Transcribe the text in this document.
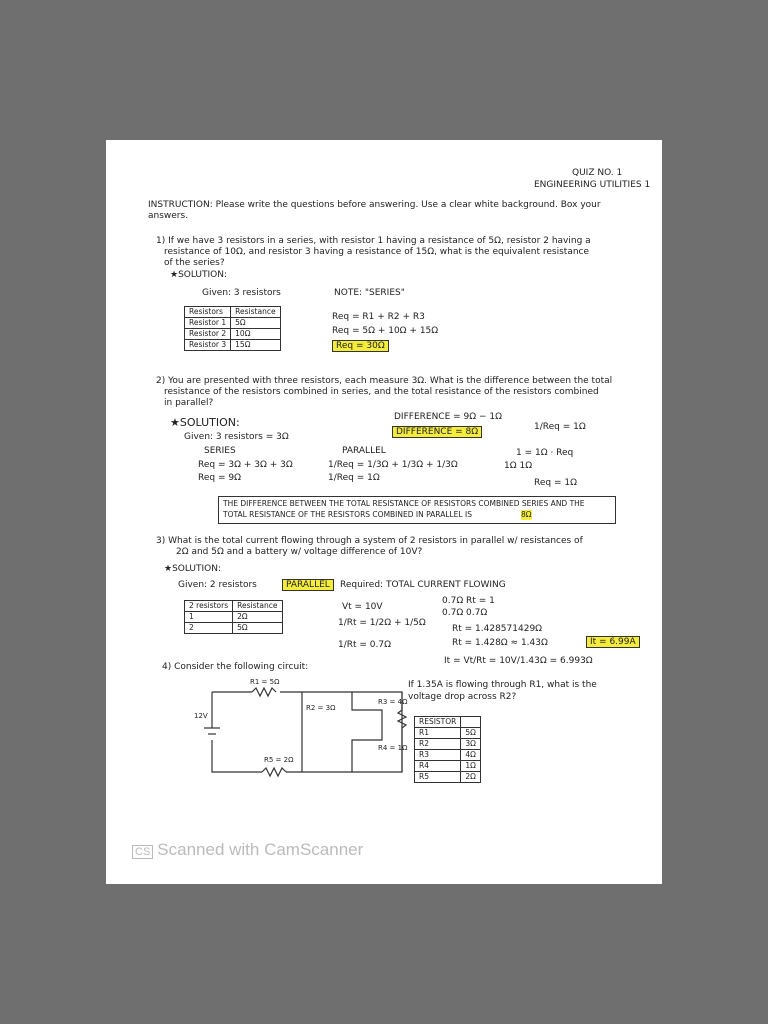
QUIZ NO. 1
ENGINEERING UTILITIES 1
INSTRUCTION: Please write the questions before answering. Use a clear white background. Box your
answers.
1) If we have 3 resistors in a series, with resistor 1 having a resistance of 5Ω, resistor 2 having a
resistance of 10Ω, and resistor 3 having a resistance of 15Ω, what is the equivalent resistance
of the series?
★SOLUTION:
Given: 3 resistors	NOTE: "SERIES"
Resistors	Resistance
Resistor 1	5Ω
Resistor 2	10Ω
Resistor 3	15Ω
Req = R1 + R2 + R3
Req = 5Ω + 10Ω + 15Ω
Req = 30Ω
2) You are presented with three resistors, each measure 3Ω. What is the difference between the total
resistance of the resistors combined in series, and the total resistance of the resistors combined
in parallel?
★SOLUTION:
Given: 3 resistors = 3Ω
SERIES
Req = 3Ω + 3Ω + 3Ω
Req = 9Ω
PARALLEL
1/Req = 1/3Ω + 1/3Ω + 1/3Ω
1/Req = 1Ω
DIFFERENCE = 9Ω − 1Ω
DIFFERENCE = 8Ω	1/Req = 1Ω
1 = 1Ω · Req
1Ω 1Ω
Req = 1Ω
THE DIFFERENCE BETWEEN THE TOTAL RESISTANCE OF RESISTORS COMBINED SERIES AND THE
TOTAL RESISTANCE OF THE RESISTORS COMBINED IN PARALLEL IS	8Ω
3) What is the total current flowing through a system of 2 resistors in parallel w/ resistances of
2Ω and 5Ω and a battery w/ voltage difference of 10V?
★SOLUTION:
Given: 2 resistors	PARALLEL	Required: TOTAL CURRENT FLOWING
2 resistors	Resistance
1	2Ω
2	5Ω
Vt = 10V
1/Rt = 1/2Ω + 1/5Ω
1/Rt = 0.7Ω
0.7Ω Rt = 1
0.7Ω 0.7Ω
Rt = 1.428571429Ω
Rt = 1.428Ω ≈ 1.43Ω
It = Vt/Rt = 10V/1.43Ω = 6.993Ω
It = 6.99A
4) Consider the following circuit:
If 1.35A is flowing through R1, what is the
voltage drop across R2?
12V
R1 = 5Ω
R2 = 3Ω
R3 = 4Ω
R4 = 1Ω
R5 = 2Ω
RESISTOR	
R1	5Ω
R2	3Ω
R3	4Ω
R4	1Ω
R5	2Ω
CS Scanned with CamScanner
